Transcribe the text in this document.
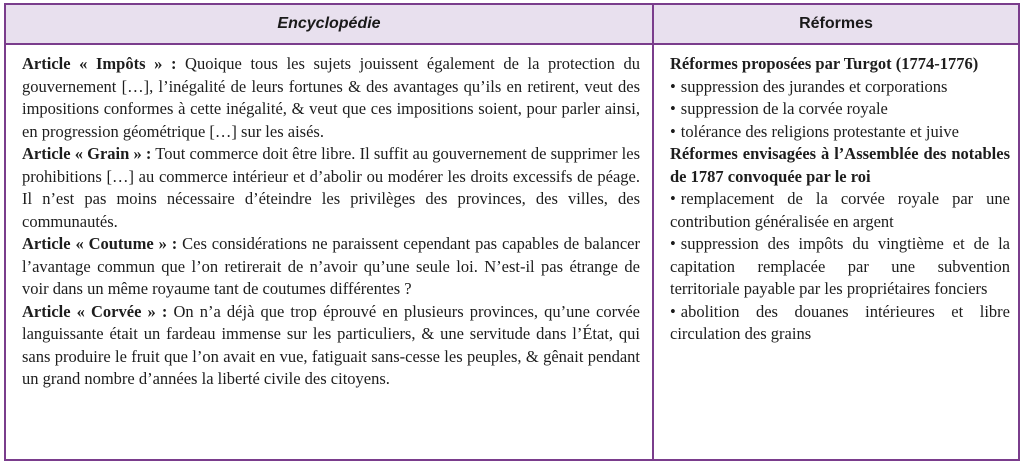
Encyclopédie	Réformes

Article « Impôts » : Quoique tous les sujets jouissent également de la protection du gouvernement […], l’inégalité de leurs fortunes & des avantages qu’ils en retirent, veut des impositions conformes à cette inégalité, & veut que ces impositions soient, pour parler ainsi, en progression géométrique […] sur les aisés.

Article « Grain » : Tout commerce doit être libre. Il suffit au gouvernement de supprimer les prohibitions […] au commerce intérieur et d’abolir ou modérer les droits excessifs de péage. Il n’est pas moins nécessaire d’éteindre les privilèges des provinces, des villes, des communautés.

Article « Coutume » : Ces considérations ne paraissent cependant pas capables de balancer l’avantage commun que l’on retirerait de n’avoir qu’une seule loi. N’est-il pas étrange de voir dans un même royaume tant de coutumes différentes ?

Article « Corvée » : On n’a déjà que trop éprouvé en plusieurs provinces, qu’une corvée languissante était un fardeau immense sur les particuliers, & une servitude dans l’État, qui sans produire le fruit que l’on avait en vue, fatiguait sans-cesse les peuples, & gênait pendant un grand nombre d’années la liberté civile des citoyens.

Réformes proposées par Turgot (1774-1776)

• suppression des jurandes et corporations
• suppression de la corvée royale
• tolérance des religions protestante et juive

Réformes envisagées à l’Assemblée des notables de 1787 convoquée par le roi

• remplacement de la corvée royale par une contribution généralisée en argent
• suppression des impôts du vingtième et de la capitation remplacée par une subvention territoriale payable par les propriétaires fonciers
• abolition des douanes intérieures et libre circulation des grains
